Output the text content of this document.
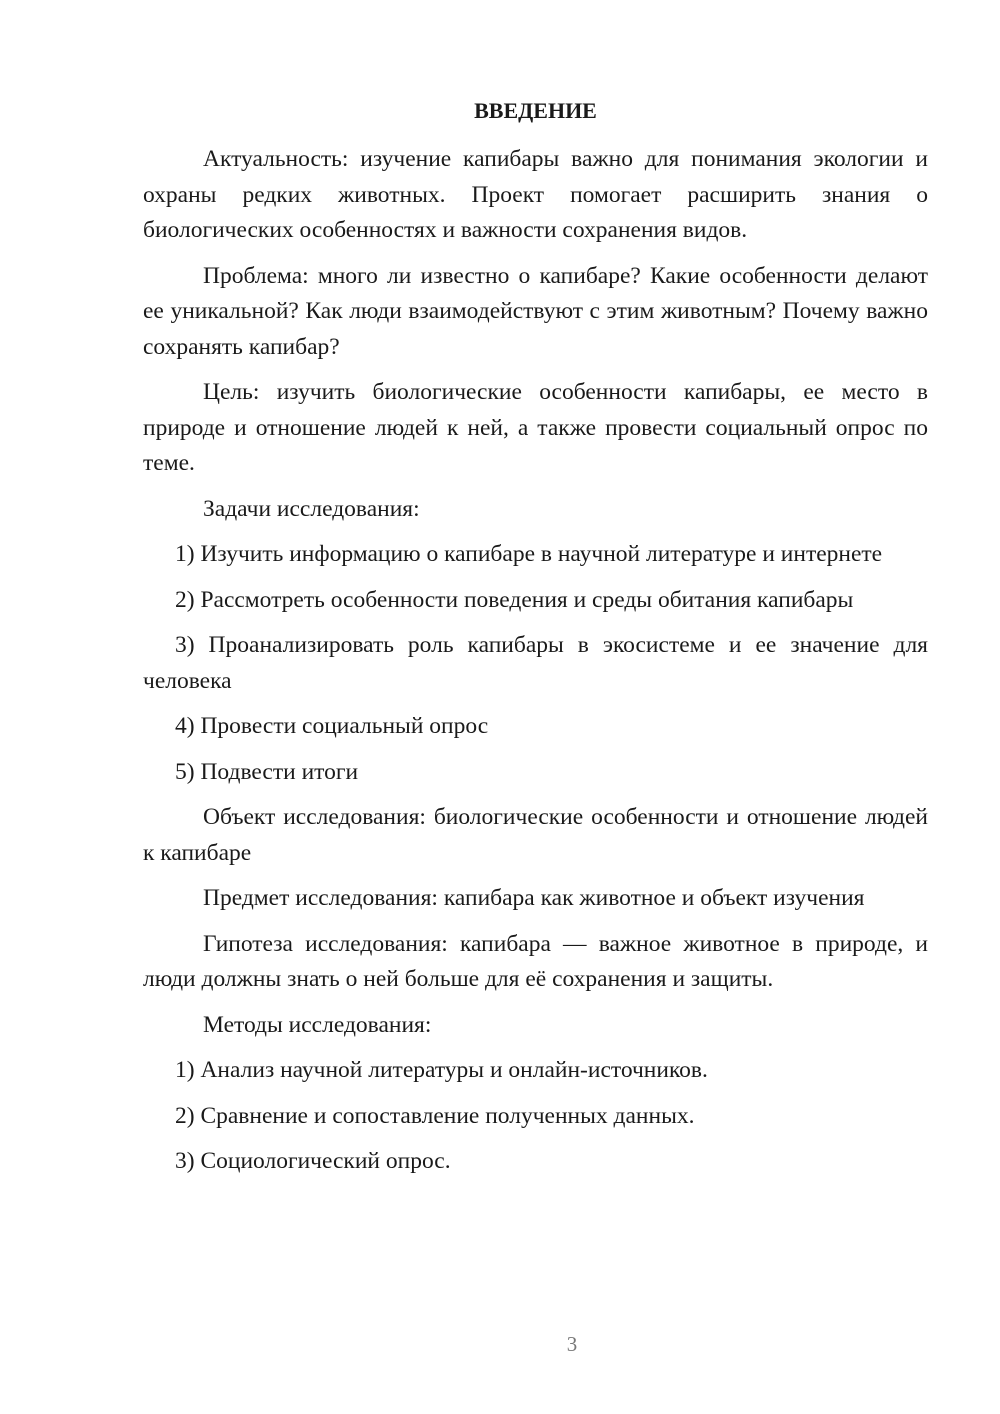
ВВЕДЕНИЕ
Актуальность: изучение капибары важно для понимания экологии и охраны редких животных. Проект помогает расширить знания о биологических особенностях и важности сохранения видов.
Проблема: много ли известно о капибаре? Какие особенности делают ее уникальной? Как люди взаимодействуют с этим животным? Почему важно сохранять капибар?
Цель: изучить биологические особенности капибары, ее место в природе и отношение людей к ней, а также провести социальный опрос по теме.
Задачи исследования:
1) Изучить информацию о капибаре в научной литературе и интернете
2) Рассмотреть особенности поведения и среды обитания капибары
3) Проанализировать роль капибары в экосистеме и ее значение для человека
4) Провести социальный опрос
5) Подвести итоги
Объект исследования: биологические особенности и отношение людей к капибаре
Предмет исследования: капибара как животное и объект изучения
Гипотеза исследования: капибара — важное животное в природе, и люди должны знать о ней больше для её сохранения и защиты.
Методы исследования:
1) Анализ научной литературы и онлайн-источников.
2) Сравнение и сопоставление полученных данных.
3) Социологический опрос.
3
